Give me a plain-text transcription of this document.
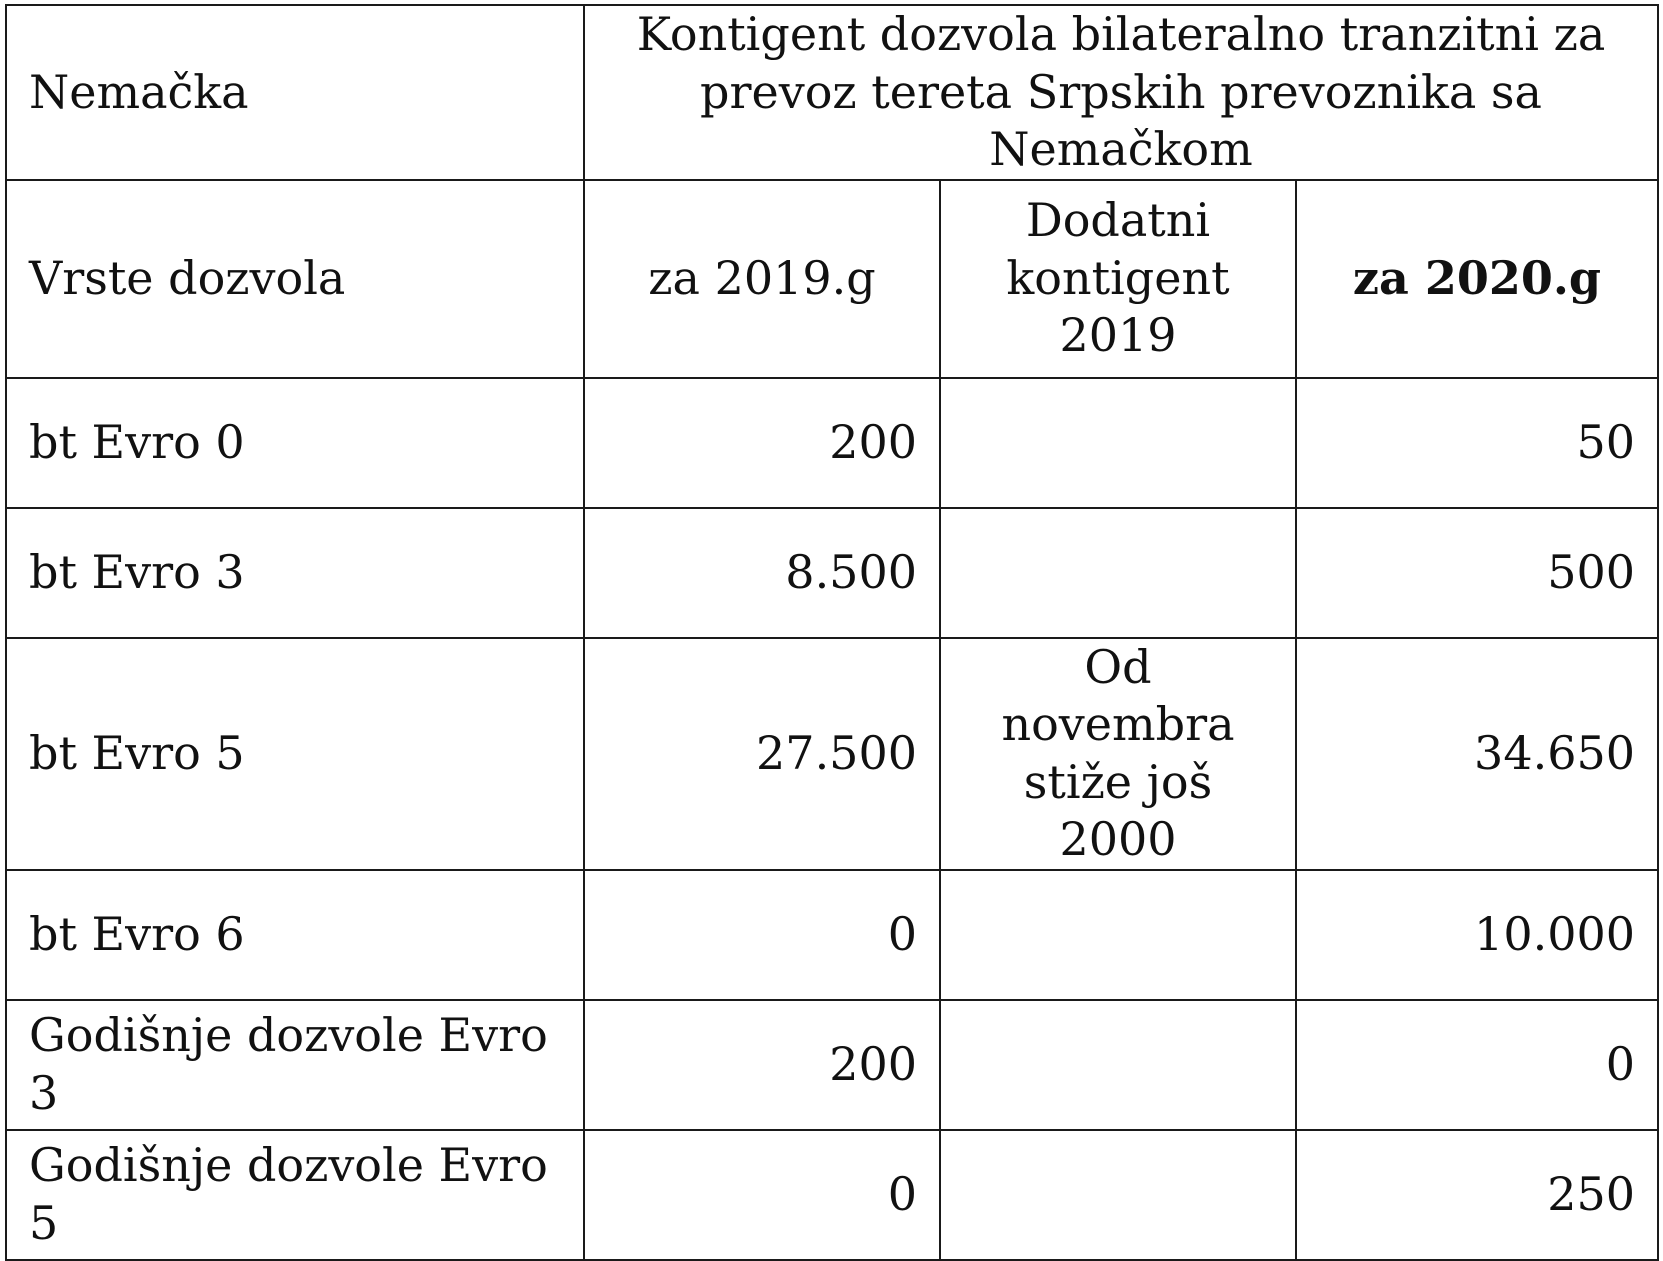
Nemačka	Kontigent dozvola bilateralno tranzitni za prevoz tereta Srpskih prevoznika sa Nemačkom		
Vrste dozvola	za 2019.g	Dodatni kontigent 2019	za 2020.g
bt Evro 0	200		50
bt Evro 3	8.500		500
bt Evro 5	27.500	Od novembra stiže još 2000	34.650
bt Evro 6	0		10.000
Godišnje dozvole Evro 3	200		0
Godišnje dozvole Evro 5	0		250
